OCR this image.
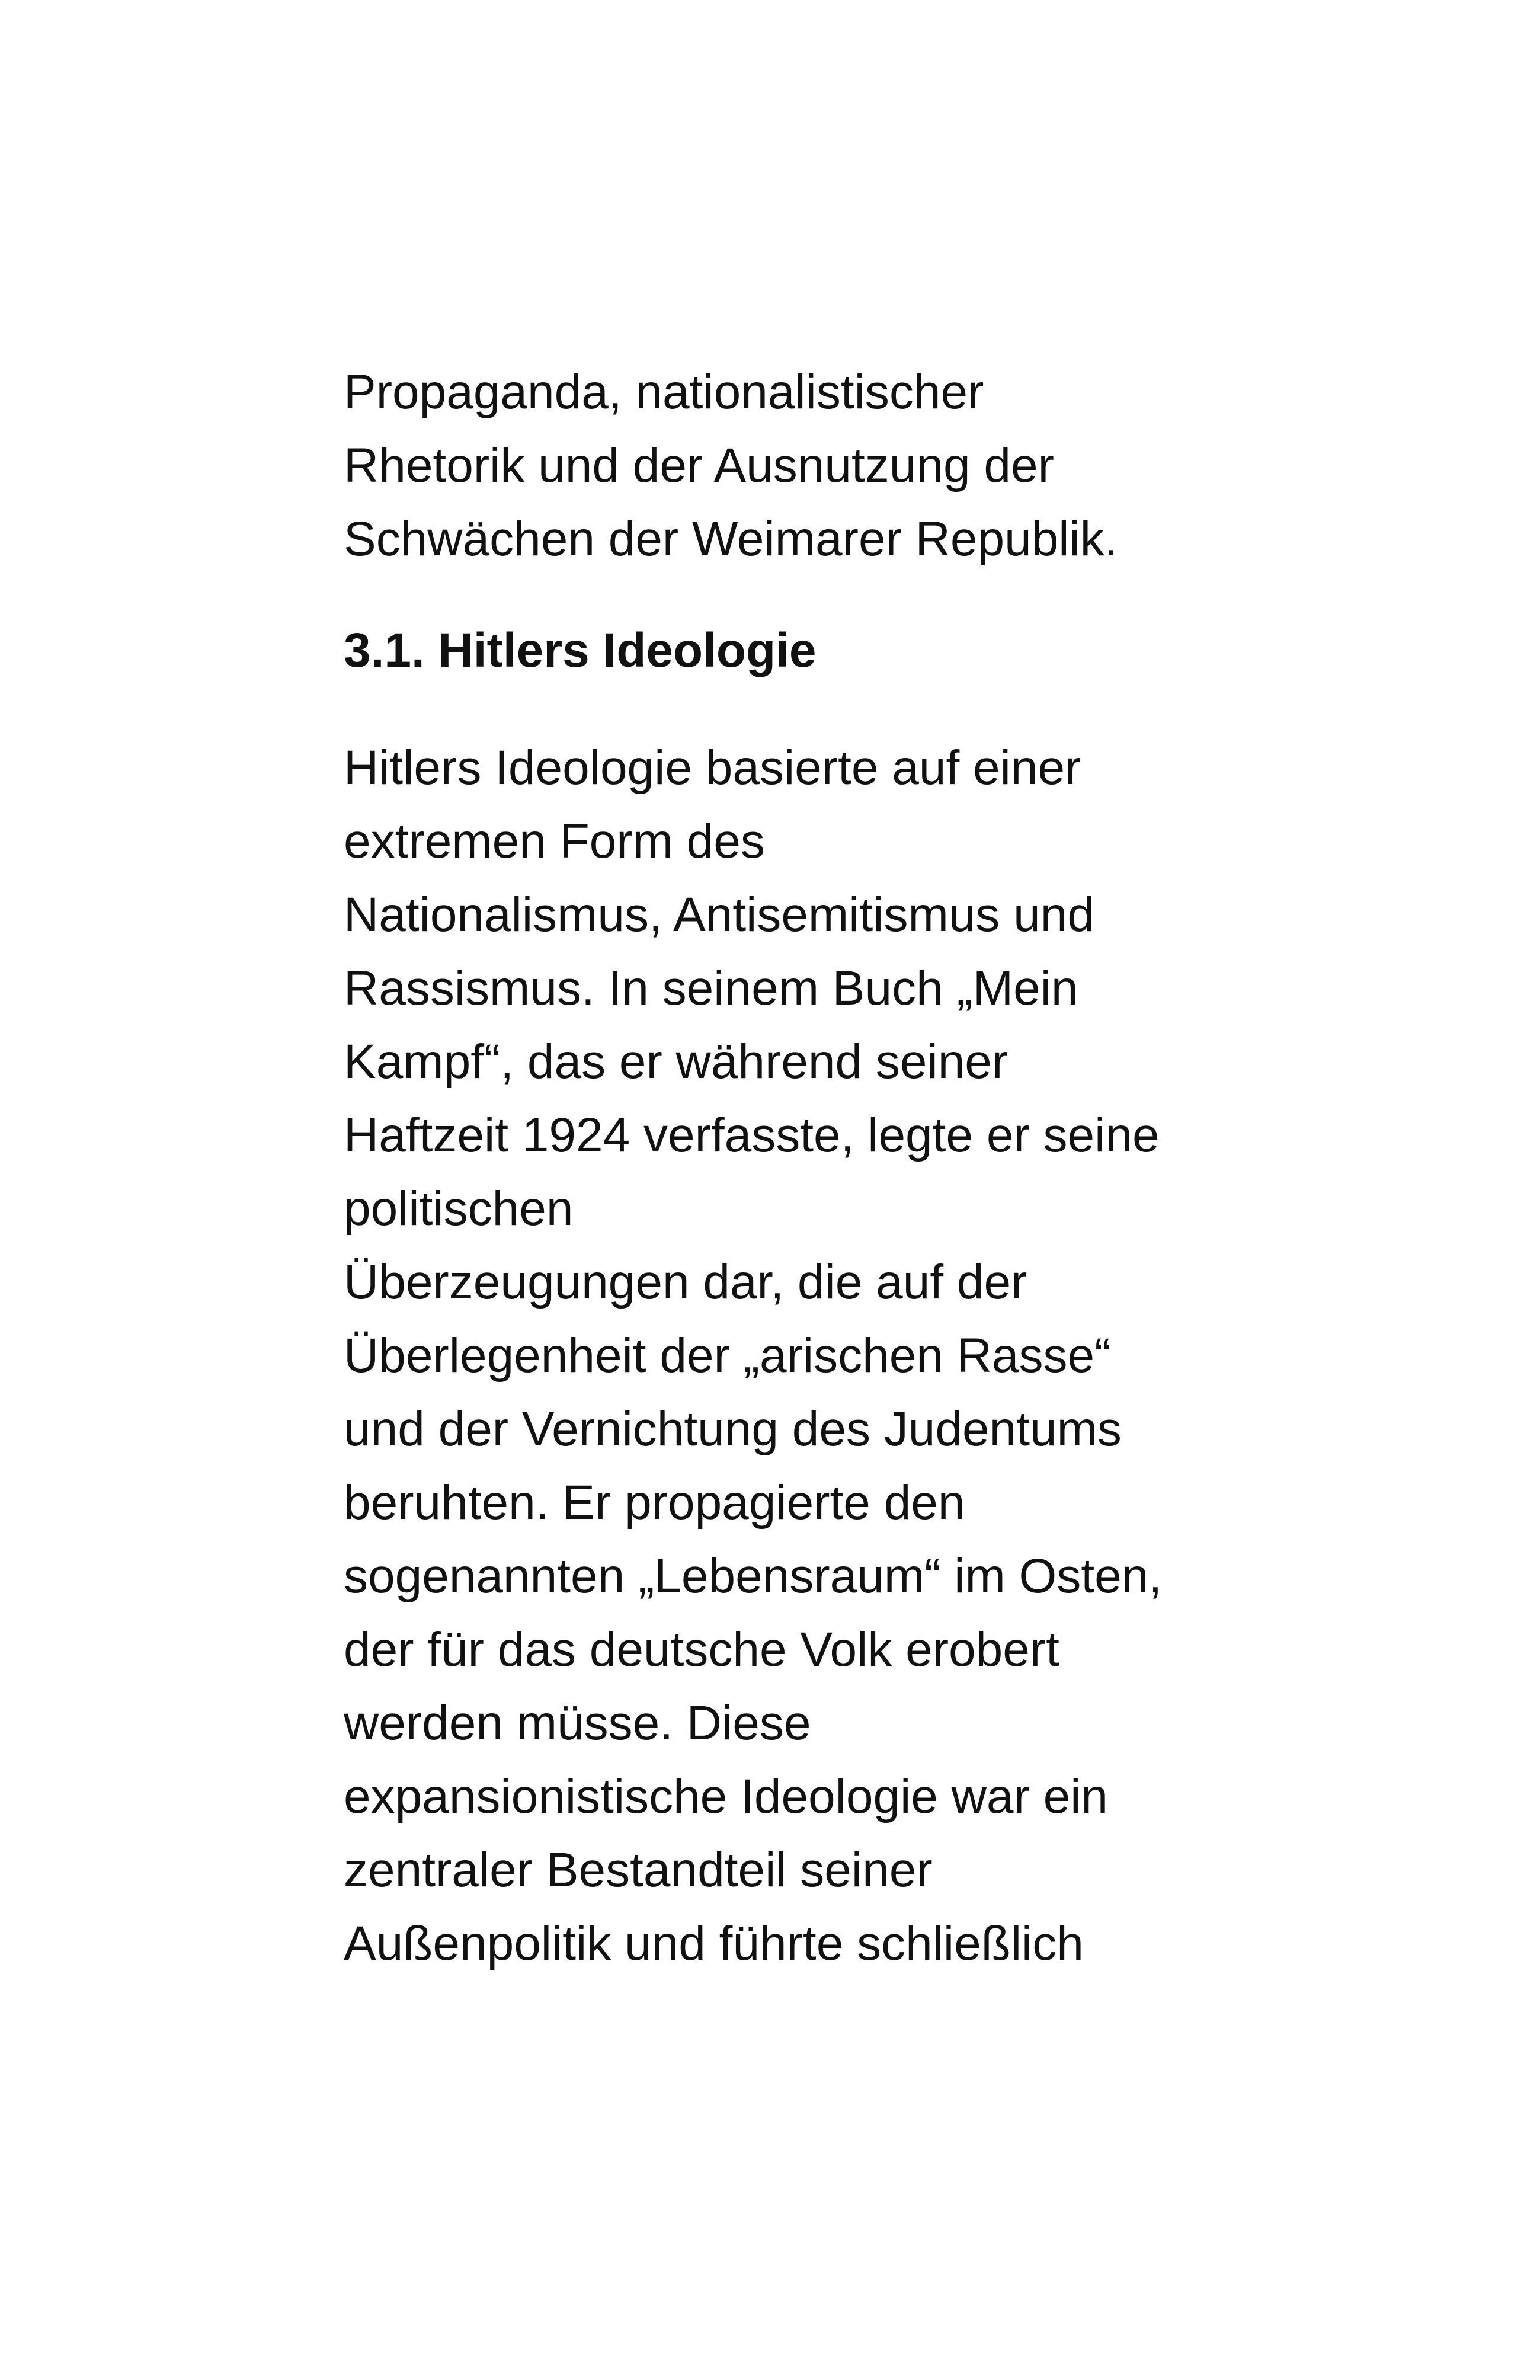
Propaganda, nationalistischer
Rhetorik und der Ausnutzung der
Schwächen der Weimarer Republik.
3.1. Hitlers Ideologie
Hitlers Ideologie basierte auf einer
extremen Form des
Nationalismus, Antisemitismus und
Rassismus. In seinem Buch „Mein
Kampf“, das er während seiner
Haftzeit 1924 verfasste, legte er seine
politischen
Überzeugungen dar, die auf der
Überlegenheit der „arischen Rasse“
und der Vernichtung des Judentums
beruhten. Er propagierte den
sogenannten „Lebensraum“ im Osten,
der für das deutsche Volk erobert
werden müsse. Diese
expansionistische Ideologie war ein
zentraler Bestandteil seiner
Außenpolitik und führte schließlich
